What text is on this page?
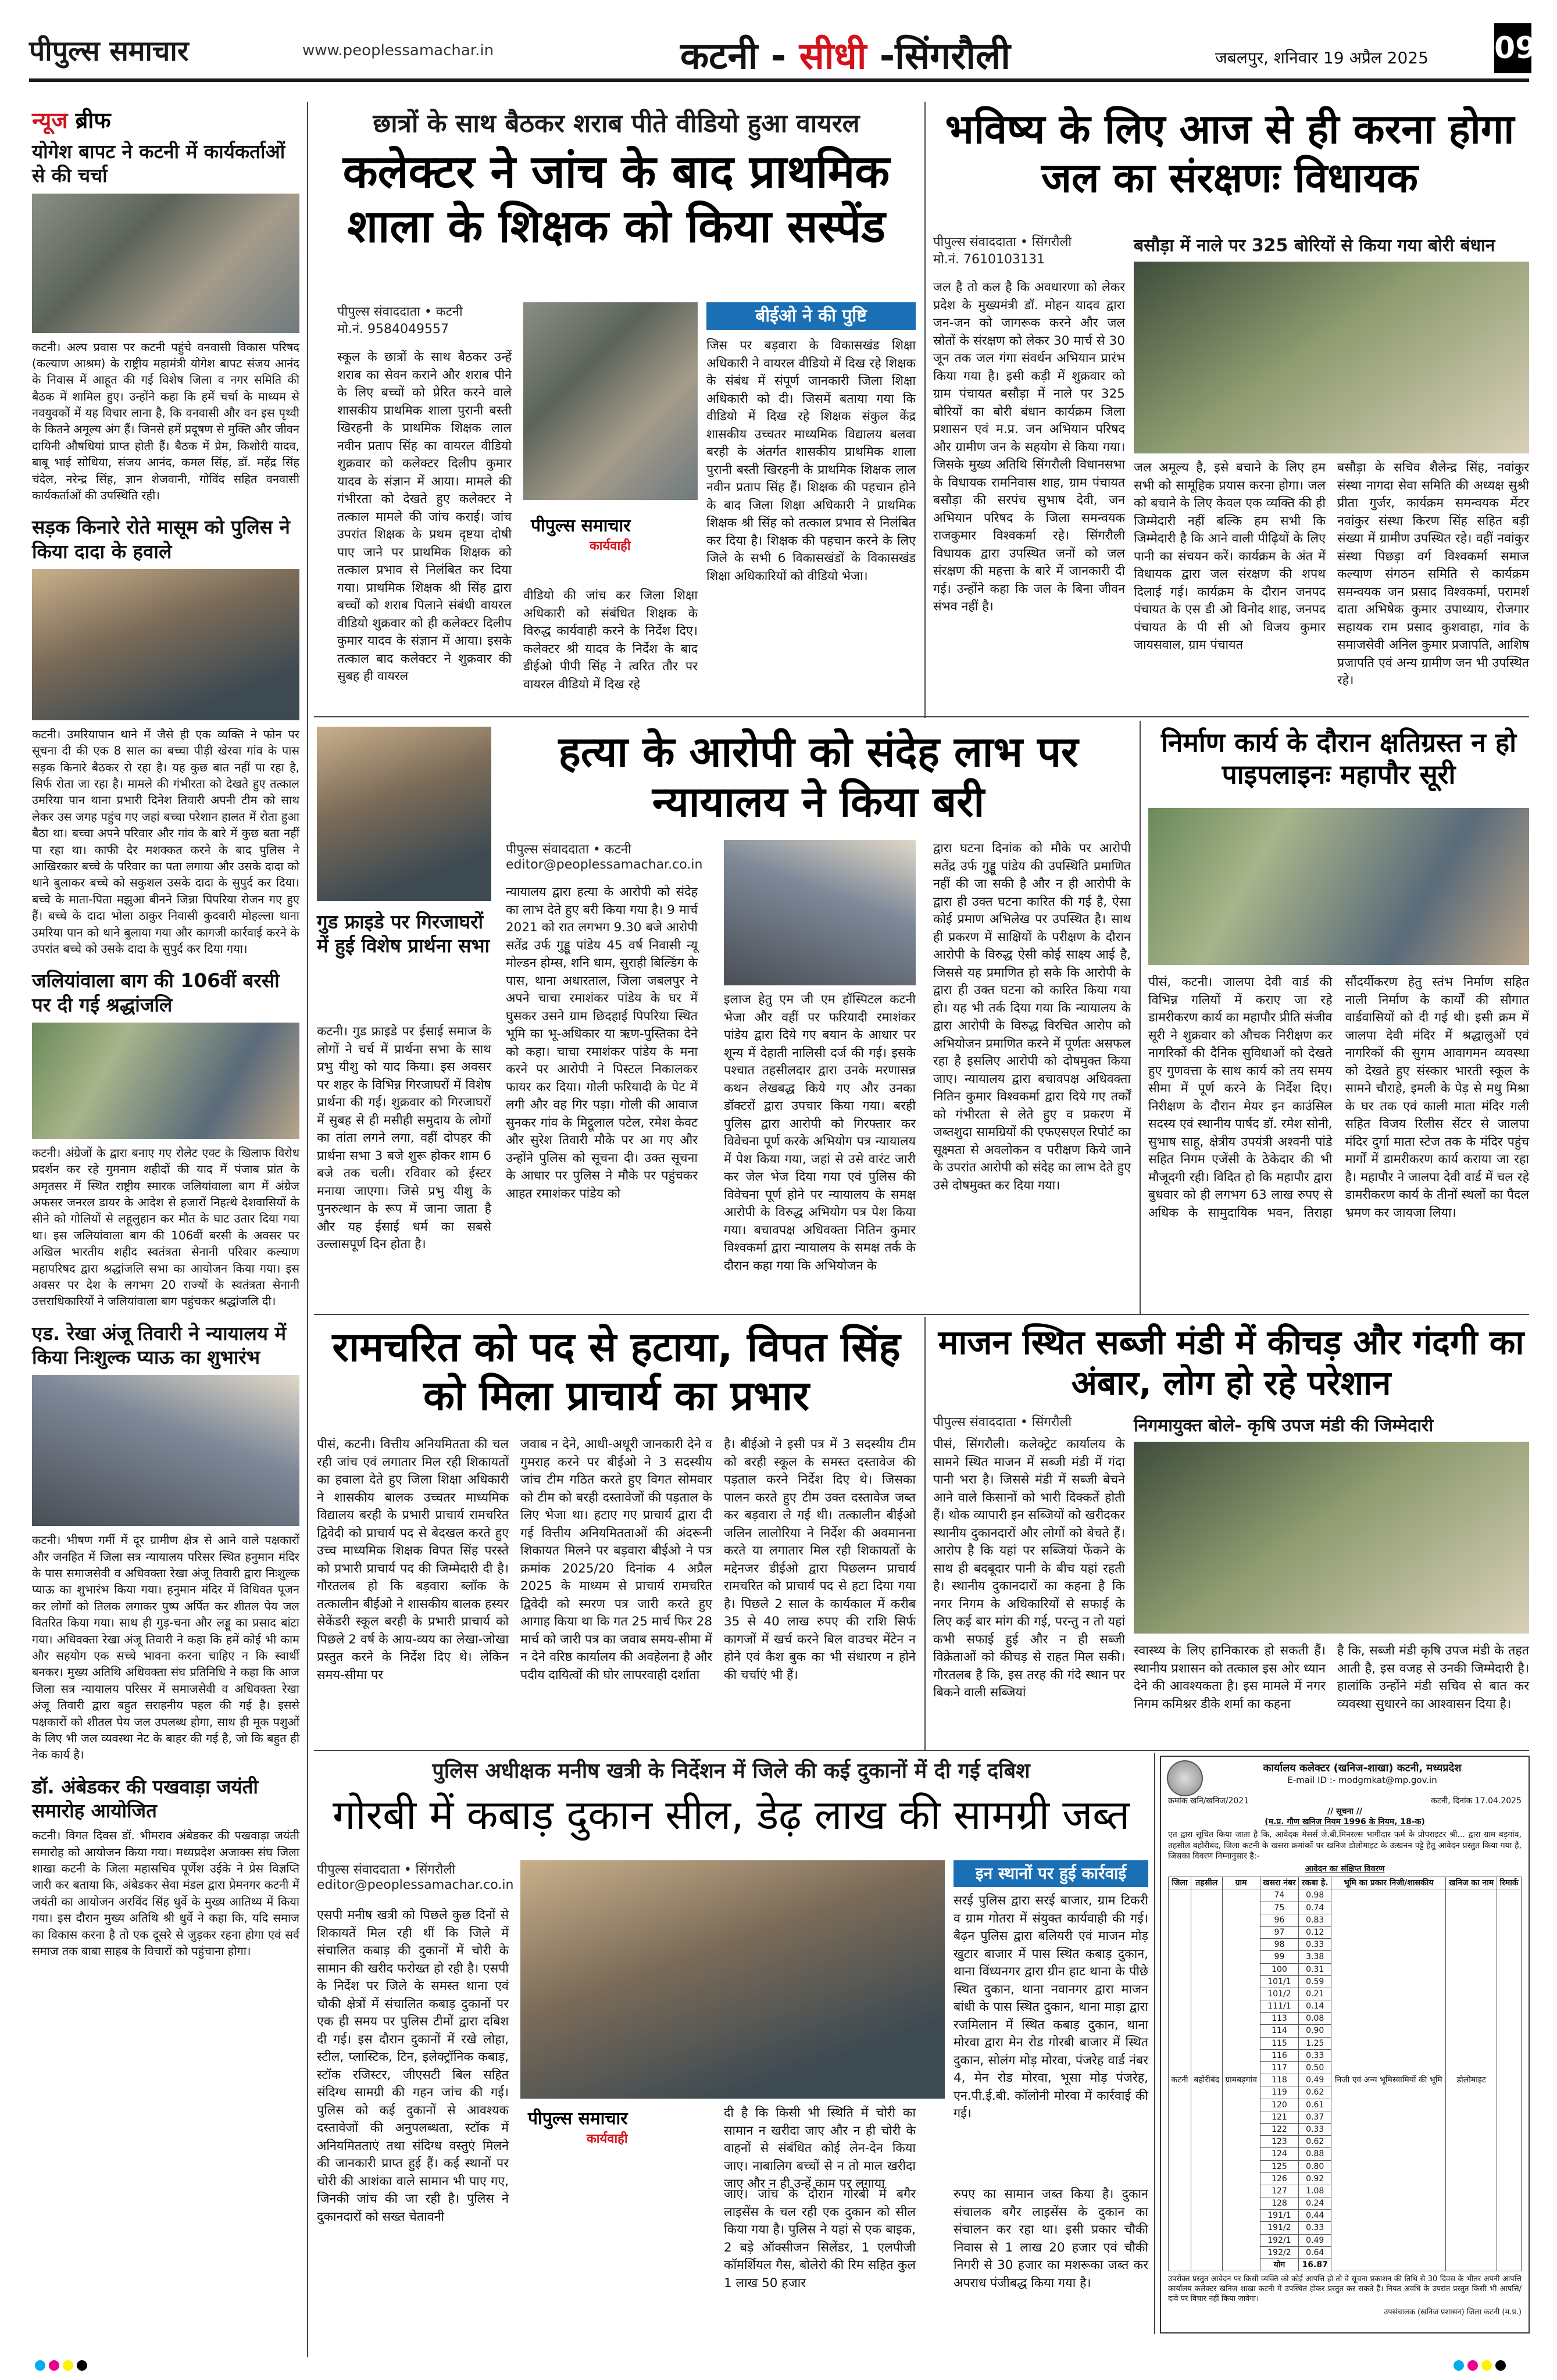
पीपुल्स समाचार	www.peoplessamachar.in	कटनी - सीधी -सिंगरौली	जबलपुर, शनिवार 19 अप्रैल 2025 09
न्यूज ब्रीफ
योगेश बापट ने कटनी में कार्यकर्ताओं से की चर्चा
कटनी। अल्प प्रवास पर कटनी पहुंचे वनवासी विकास परिषद (कल्याण आश्रम) के राष्ट्रीय महामंत्री योगेश बापट संजय आनंद के निवास में आहूत की गई विशेष जिला व नगर समिति की बैठक में शामिल हुए। उन्होंने कहा कि हमें चर्चा के माध्यम से नवयुवकों में यह विचार लाना है, कि वनवासी और वन इस पृथ्वी के कितने अमूल्य अंग हैं। जिनसे हमें प्रदूषण से मुक्ति और जीवन दायिनी औषधियां प्राप्त होती हैं। बैठक में प्रेम, किशोरी यादव, बाबू भाई सोधिया, संजय आनंद, कमल सिंह, डॉ. महेंद्र सिंह चंदेल, नरेन्द्र सिंह, ज्ञान शेजवानी, गोविंद सहित वनवासी कार्यकर्ताओं की उपस्थिति रही।
सड़क किनारे रोते मासूम को पुलिस ने किया दादा के हवाले
कटनी। उमरियापान थाने में जैसे ही एक व्यक्ति ने फोन पर सूचना दी की एक 8 साल का बच्चा पीड़ी खेरवा गांव के पास सड़क किनारे बैठकर रो रहा है। यह कुछ बात नहीं पा रहा है, सिर्फ रोता जा रहा है। मामले की गंभीरता को देखते हुए तत्काल उमरिया पान थाना प्रभारी दिनेश तिवारी अपनी टीम को साथ लेकर उस जगह पहुंच गए जहां बच्चा परेशान हालत में रोता हुआ बैठा था। बच्चा अपने परिवार और गांव के बारे में कुछ बता नहीं पा रहा था। काफी देर मशक्कत करने के बाद पुलिस ने आखिरकार बच्चे के परिवार का पता लगाया और उसके दादा को थाने बुलाकर बच्चे को सकुशल उसके दादा के सुपुर्द कर दिया। बच्चे के माता-पिता मझुआ बीनने जिन्ना पिपरिया रोजन गए हुए हैं। बच्चे के दादा भोला ठाकुर निवासी कुदवारी मोहल्ला थाना उमरिया पान को थाने बुलाया गया और कागजी कार्रवाई करने के उपरांत बच्चे को उसके दादा के सुपुर्द कर दिया गया।
जलियांवाला बाग की 106वीं बरसी पर दी गई श्रद्धांजलि
कटनी। अंग्रेजों के द्वारा बनाए गए रोलेट एक्ट के खिलाफ विरोध प्रदर्शन कर रहे गुमनाम शहीदों की याद में पंजाब प्रांत के अमृतसर में स्थित राष्ट्रीय स्मारक जलियांवाला बाग में अंग्रेज अफसर जनरल डायर के आदेश से हजारों निहत्थे देशवासियों के सीने को गोलियों से लहूलुहान कर मौत के घाट उतार दिया गया था। इस जलियांवाला बाग की 106वीं बरसी के अवसर पर अखिल भारतीय शहीद स्वतंत्रता सेनानी परिवार कल्याण महापरिषद द्वारा श्रद्धांजलि सभा का आयोजन किया गया। इस अवसर पर देश के लगभग 20 राज्यों के स्वतंत्रता सेनानी उत्तराधिकारियों ने जलियांवाला बाग पहुंचकर श्रद्धांजलि दी।
एड. रेखा अंजू तिवारी ने न्यायालय में किया निःशुल्क प्याऊ का शुभारंभ
कटनी। भीषण गर्मी में दूर ग्रामीण क्षेत्र से आने वाले पक्षकारों और जनहित में जिला सत्र न्यायालय परिसर स्थित हनुमान मंदिर के पास समाजसेवी व अधिवक्ता रेखा अंजू तिवारी द्वारा निःशुल्क प्याऊ का शुभारंभ किया गया। हनुमान मंदिर में विधिवत पूजन कर लोगों को तिलक लगाकर पुष्प अर्पित कर शीतल पेय जल वितरित किया गया। साथ ही गुड़-चना और लड्डू का प्रसाद बांटा गया। अधिवक्ता रेखा अंजू तिवारी ने कहा कि हमें कोई भी काम और सहयोग एक सच्चे भावना करना चाहिए न कि स्वार्थी बनकर। मुख्य अतिथि अधिवक्ता संघ प्रतिनिधि ने कहा कि आज जिला सत्र न्यायालय परिसर में समाजसेवी व अधिवक्ता रेखा अंजू तिवारी द्वारा बहुत सराहनीय पहल की गई है। इससे पक्षकारों को शीतल पेय जल उपलब्ध होगा, साथ ही मूक पशुओं के लिए भी जल व्यवस्था नेट के बाहर की गई है, जो कि बहुत ही नेक कार्य है।
डॉ. अंबेडकर की पखवाड़ा जयंती समारोह आयोजित
कटनी। विगत दिवस डॉ. भीमराव अंबेडकर की पखवाड़ा जयंती समारोह को आयोजन किया गया। मध्यप्रदेश अजाक्स संघ जिला शाखा कटनी के जिला महासचिव पूर्णेश उईके ने प्रेस विज्ञप्ति जारी कर बताया कि, अंबेडकर सेवा मंडल द्वारा प्रेमनगर कटनी में जयंती का आयोजन अरविंद सिंह धुर्वे के मुख्य आतिथ्य में किया गया। इस दौरान मुख्य अतिथि श्री धुर्वे ने कहा कि, यदि समाज का विकास करना है तो एक दूसरे से जुड़कर रहना होगा एवं सर्व समाज तक बाबा साहब के विचारों को पहुंचाना होगा।
छात्रों के साथ बैठकर शराब पीते वीडियो हुआ वायरल
कलेक्टर ने जांच के बाद प्राथमिक शाला के शिक्षक को किया सस्पेंड
पीपुल्स संवाददाता • कटनी
मो.नं. 9584049557
स्कूल के छात्रों के साथ बैठकर उन्हें शराब का सेवन कराने और शराब पीने के लिए बच्चों को प्रेरित करने वाले शासकीय प्राथमिक शाला पुरानी बस्ती खिरहनी के प्राथमिक शिक्षक लाल नवीन प्रताप सिंह का वायरल वीडियो शुक्रवार को कलेक्टर दिलीप कुमार यादव के संज्ञान में आया। मामले की गंभीरता को देखते हुए कलेक्टर ने तत्काल मामले की जांच कराई। जांच उपरांत शिक्षक के प्रथम दृष्टया दोषी पाए जाने पर प्राथमिक शिक्षक को तत्काल प्रभाव से निलंबित कर दिया गया। प्राथमिक शिक्षक श्री सिंह द्वारा बच्चों को शराब पिलाने संबंधी वायरल वीडियो शुक्रवार को ही कलेक्टर दिलीप कुमार यादव के संज्ञान में आया। इसके तत्काल बाद कलेक्टर ने शुक्रवार की सुबह ही वायरल
पीपुल्स समाचार
कार्यवाही
वीडियो की जांच कर जिला शिक्षा अधिकारी को संबंधित शिक्षक के विरुद्ध कार्यवाही करने के निर्देश दिए। कलेक्टर श्री यादव के निर्देश के बाद डीईओ पीपी सिंह ने त्वरित तौर पर वायरल वीडियो में दिख रहे
बीईओ ने की पुष्टि
जिस पर बड़वारा के विकासखंड शिक्षा अधिकारी ने वायरल वीडियो में दिख रहे शिक्षक के संबंध में संपूर्ण जानकारी जिला शिक्षा अधिकारी को दी। जिसमें बताया गया कि वीडियो में दिख रहे शिक्षक संकुल केंद्र शासकीय उच्चतर माध्यमिक विद्यालय बलवा बरही के अंतर्गत शासकीय प्राथमिक शाला पुरानी बस्ती खिरहनी के प्राथमिक शिक्षक लाल नवीन प्रताप सिंह हैं। शिक्षक की पहचान होने के बाद जिला शिक्षा अधिकारी ने प्राथमिक शिक्षक श्री सिंह को तत्काल प्रभाव से निलंबित कर दिया है। शिक्षक की पहचान करने के लिए जिले के सभी 6 विकासखंडों के विकासखंड शिक्षा अधिकारियों को वीडियो भेजा।
भविष्य के लिए आज से ही करना होगा जल का संरक्षणः विधायक
पीपुल्स संवाददाता • सिंगरौली
मो.नं. 7610103131
बसौड़ा में नाले पर 325 बोरियों से किया गया बोरी बंधान
जल है तो कल है कि अवधारणा को लेकर प्रदेश के मुख्यमंत्री डॉ. मोहन यादव द्वारा जन-जन को जागरूक करने और जल स्रोतों के संरक्षण को लेकर 30 मार्च से 30 जून तक जल गंगा संवर्धन अभियान प्रारंभ किया गया है। इसी कड़ी में शुक्रवार को ग्राम पंचायत बसौड़ा में नाले पर 325 बोरियों का बोरी बंधान कार्यक्रम जिला प्रशासन एवं म.प्र. जन अभियान परिषद और ग्रामीण जन के सहयोग से किया गया। जिसके मुख्य अतिथि सिंगरौली विधानसभा के विधायक रामनिवास शाह, ग्राम पंचायत बसौड़ा की सरपंच सुभाष देवी, जन अभियान परिषद के जिला समन्वयक राजकुमार विश्वकर्मा रहे। सिंगरौली विधायक द्वारा उपस्थित जनों को जल संरक्षण की महत्ता के बारे में जानकारी दी गई। उन्होंने कहा कि जल के बिना जीवन संभव नहीं है।
जल अमूल्य है, इसे बचाने के लिए हम सभी को सामूहिक प्रयास करना होगा। जल को बचाने के लिए केवल एक व्यक्ति की ही जिम्मेदारी नहीं बल्कि हम सभी कि जिम्मेदारी है कि आने वाली पीढ़ियों के लिए पानी का संचयन करें। कार्यक्रम के अंत में विधायक द्वारा जल संरक्षण की शपथ दिलाई गई। कार्यक्रम के दौरान जनपद पंचायत के एस डी ओ विनोद शाह, जनपद पंचायत के पी सी ओ विजय कुमार जायसवाल, ग्राम पंचायत
बसौड़ा के सचिव शैलेन्द्र सिंह, नवांकुर संस्था नागदा सेवा समिति की अध्यक्ष सुश्री प्रीता गुर्जर, कार्यक्रम समन्वयक मेंटर नवांकुर संस्था किरण सिंह सहित बड़ी संख्या में ग्रामीण उपस्थित रहे। वहीं नवांकुर संस्था पिछड़ा वर्ग विश्वकर्मा समाज कल्याण संगठन समिति से कार्यक्रम समन्वयक जन प्रसाद विश्वकर्मा, परामर्श दाता अभिषेक कुमार उपाध्याय, रोजगार सहायक राम प्रसाद कुशवाहा, गांव के समाजसेवी अनिल कुमार प्रजापति, आशिष प्रजापति एवं अन्य ग्रामीण जन भी उपस्थित रहे।
गुड फ्राइडे पर गिरजाघरों में हुई विशेष प्रार्थना सभा
कटनी। गुड फ्राइडे पर ईसाई समाज के लोगों ने चर्च में प्रार्थना सभा के साथ प्रभु यीशु को याद किया। इस अवसर पर शहर के विभिन्न गिरजाघरों में विशेष प्रार्थना की गई। शुक्रवार को गिरजाघरों में सुबह से ही मसीही समुदाय के लोगों का तांता लगने लगा, वहीं दोपहर की प्रार्थना सभा 3 बजे शुरू होकर शाम 6 बजे तक चली। रविवार को ईस्टर मनाया जाएगा। जिसे प्रभु यीशु के पुनरुत्थान के रूप में जाना जाता है और यह ईसाई धर्म का सबसे उल्लासपूर्ण दिन होता है।
हत्या के आरोपी को संदेह लाभ पर न्यायालय ने किया बरी
पीपुल्स संवाददाता • कटनी
editor@peoplessamachar.co.in
न्यायालय द्वारा हत्या के आरोपी को संदेह का लाभ देते हुए बरी किया गया है। 9 मार्च 2021 को रात लगभग 9.30 बजे आरोपी सतेंद्र उर्फ गुड्डू पांडेय 45 वर्ष निवासी न्यू मोल्डन होम्स, शनि धाम, सुराही बिल्डिंग के पास, थाना अधारताल, जिला जबलपुर ने अपने चाचा रमाशंकर पांडेय के घर में घुसकर उसने ग्राम छिदहाई पिपरिया स्थित भूमि का भू-अधिकार या ऋण-पुस्तिका देने को कहा। चाचा रमाशंकर पांडेय के मना करने पर आरोपी ने पिस्टल निकालकर फायर कर दिया। गोली फरियादी के पेट में लगी और वह गिर पड़ा। गोली की आवाज सुनकर गांव के मिट्ठूलाल पटेल, रमेश केवट और सुरेश तिवारी मौके पर आ गए और उन्होंने पुलिस को सूचना दी। उक्त सूचना के आधार पर पुलिस ने मौके पर पहुंचकर आहत रमाशंकर पांडेय को
इलाज हेतु एम जी एम हॉस्पिटल कटनी भेजा और वहीं पर फरियादी रमाशंकर पांडेय द्वारा दिये गए बयान के आधार पर शून्य में देहाती नालिसी दर्ज की गई। इसके पश्चात तहसीलदार द्वारा उनके मरणासन्न कथन लेखबद्ध किये गए और उनका डॉक्टरों द्वारा उपचार किया गया। बरही पुलिस द्वारा आरोपी को गिरफ्तार कर विवेचना पूर्ण करके अभियोग पत्र न्यायालय में पेश किया गया, जहां से उसे वारंट जारी कर जेल भेज दिया गया एवं पुलिस की विवेचना पूर्ण होने पर न्यायालय के समक्ष आरोपी के विरुद्ध अभियोग पत्र पेश किया गया। बचावपक्ष अधिवक्ता नितिन कुमार विश्वकर्मा द्वारा न्यायालय के समक्ष तर्क के दौरान कहा गया कि अभियोजन के
द्वारा घटना दिनांक को मौके पर आरोपी सतेंद्र उर्फ गुड्डू पांडेय की उपस्थिति प्रमाणित नहीं की जा सकी है और न ही आरोपी के द्वारा ही उक्त घटना कारित की गई है, ऐसा कोई प्रमाण अभिलेख पर उपस्थित है। साथ ही प्रकरण में साक्षियों के परीक्षण के दौरान आरोपी के विरुद्ध ऐसी कोई साक्ष्य आई है, जिससे यह प्रमाणित हो सके कि आरोपी के द्वारा ही उक्त घटना को कारित किया गया हो। यह भी तर्क दिया गया कि न्यायालय के द्वारा आरोपी के विरुद्ध विरचित आरोप को अभियोजन प्रमाणित करने में पूर्णतः असफल रहा है इसलिए आरोपी को दोषमुक्त किया जाए। न्यायालय द्वारा बचावपक्ष अधिवक्ता नितिन कुमार विश्वकर्मा द्वारा दिये गए तर्कों को गंभीरता से लेते हुए व प्रकरण में जब्तशुदा सामग्रियों की एफएसएल रिपोर्ट का सूक्ष्मता से अवलोकन व परीक्षण किये जाने के उपरांत आरोपी को संदेह का लाभ देते हुए उसे दोषमुक्त कर दिया गया।
निर्माण कार्य के दौरान क्षतिग्रस्त न हो पाइपलाइनः महापौर सूरी
पीसं, कटनी। जालपा देवी वार्ड की विभिन्न गलियों में कराए जा रहे डामरीकरण कार्य का महापौर प्रीति संजीव सूरी ने शुक्रवार को औचक निरीक्षण कर नागरिकों की दैनिक सुविधाओं को देखते हुए गुणवत्ता के साथ कार्य को तय समय सीमा में पूर्ण करने के निर्देश दिए। निरीक्षण के दौरान मेयर इन काउंसिल सदस्य एवं स्थानीय पार्षद डॉ. रमेश सोनी, सुभाष साहू, क्षेत्रीय उपयंत्री अश्वनी पांडे सहित निगम एजेंसी के ठेकेदार की भी मौजूदगी रही। विदित हो कि महापौर द्वारा बुधवार को ही लगभग 63 लाख रुपए से अधिक के सामुदायिक भवन, तिराहा सौंदर्यीकरण हेतु स्तंभ निर्माण सहित नाली निर्माण के कार्यों की सौगात वार्डवासियों को दी गई थी। इसी क्रम में जालपा देवी मंदिर में श्रद्धालुओं एवं नागरिकों की सुगम आवागमन व्यवस्था को देखते हुए संस्कार भारती स्कूल के सामने चौराहे, इमली के पेड़ से मधु मिश्रा के घर तक एवं काली माता मंदिर गली सहित विजय रिलीस सेंटर से जालपा मंदिर दुर्गा माता स्टेज तक के मंदिर पहुंच मार्गों में डामरीकरण कार्य कराया जा रहा है। महापौर ने जालपा देवी वार्ड में चल रहे डामरीकरण कार्य के तीनों स्थलों का पैदल भ्रमण कर जायजा लिया।
रामचरित को पद से हटाया, विपत सिंह को मिला प्राचार्य का प्रभार
पीसं, कटनी। वित्तीय अनियमितता की चल रही जांच एवं लगातार मिल रही शिकायतों का हवाला देते हुए जिला शिक्षा अधिकारी ने शासकीय बालक उच्चतर माध्यमिक विद्यालय बरही के प्रभारी प्राचार्य रामचरित द्विवेदी को प्राचार्य पद से बेदखल करते हुए उच्च माध्यमिक शिक्षक विपत सिंह परस्ते को प्रभारी प्राचार्य पद की जिम्मेदारी दी है। गौरतलब हो कि बड़वारा ब्लॉक के तत्कालीन बीईओ ने शासकीय बालक हस्यर सेकेंडरी स्कूल बरही के प्रभारी प्राचार्य को पिछले 2 वर्ष के आय-व्यय का लेखा-जोखा प्रस्तुत करने के निर्देश दिए थे। लेकिन समय-सीमा पर
जवाब न देने, आधी-अधूरी जानकारी देने व गुमराह करने पर बीईओ ने 3 सदस्यीय जांच टीम गठित करते हुए विगत सोमवार को टीम को बरही दस्तावेजों की पड़ताल के लिए भेजा था। हटाए गए प्राचार्य द्वारा दी गई वित्तीय अनियमितताओं की अंदरूनी शिकायत मिलने पर बड़वारा बीईओ ने पत्र क्रमांक 2025/20 दिनांक 4 अप्रैल 2025 के माध्यम से प्राचार्य रामचरित द्विवेदी को स्मरण पत्र जारी करते हुए आगाह किया था कि गत 25 मार्च फिर 28 मार्च को जारी पत्र का जवाब समय-सीमा में न देने वरिष्ठ कार्यालय की अवहेलना है और पदीय दायित्वों की घोर लापरवाही दर्शाता
है। बीईओ ने इसी पत्र में 3 सदस्यीय टीम को बरही स्कूल के समस्त दस्तावेज की पड़ताल करने निर्देश दिए थे। जिसका पालन करते हुए टीम उक्त दस्तावेज जब्त कर बड़वारा ले गई थी। तत्कालीन बीईओ जलिन लालोरिया ने निर्देश की अवमानना करते या लगातार मिल रही शिकायतों के मद्देनजर डीईओ द्वारा पिछलग्न प्राचार्य रामचरित को प्राचार्य पद से हटा दिया गया है। पिछले 2 साल के कार्यकाल में करीब 35 से 40 लाख रुपए की राशि सिर्फ कागजों में खर्च करने बिल वाउचर मेंटेन न होने एवं कैश बुक का भी संधारण न होने की चर्चाएं भी हैं।
माजन स्थित सब्जी मंडी में कीचड़ और गंदगी का अंबार, लोग हो रहे परेशान
पीपुल्स संवाददाता • सिंगरौली	निगमायुक्त बोले- कृषि उपज मंडी की जिम्मेदारी
पीसं, सिंगरौली। कलेक्ट्रेट कार्यालय के सामने स्थित माजन में सब्जी मंडी में गंदा पानी भरा है। जिससे मंडी में सब्जी बेचने आने वाले किसानों को भारी दिक्कतें होती हैं। थोक व्यापारी इन सब्जियों को खरीदकर स्थानीय दुकानदारों और लोगों को बेचते हैं। आरोप है कि यहां पर सब्जियां फेंकने के साथ ही बदबूदार पानी के बीच यहां रहती है। स्थानीय दुकानदारों का कहना है कि नगर निगम के अधिकारियों से सफाई के लिए कई बार मांग की गई, परन्तु न तो यहां कभी सफाई हुई और न ही सब्जी विक्रेताओं को कीचड़ से राहत मिल सकी। गौरतलब है कि, इस तरह की गंदे स्थान पर बिकने वाली सब्जियां
स्वास्थ्य के लिए हानिकारक हो सकती हैं। स्थानीय प्रशासन को तत्काल इस ओर ध्यान देने की आवश्यकता है। इस मामले में नगर निगम कमिश्नर डीके शर्मा का कहना
है कि, सब्जी मंडी कृषि उपज मंडी के तहत आती है, इस वजह से उनकी जिम्मेदारी है। हालांकि उन्होंने मंडी सचिव से बात कर व्यवस्था सुधारने का आश्वासन दिया है।
पुलिस अधीक्षक मनीष खत्री के निर्देशन में जिले की कई दुकानों में दी गई दबिश
गोरबी में कबाड़ दुकान सील, डेढ़ लाख की सामग्री जब्त
पीपुल्स संवाददाता • सिंगरौली
editor@peoplessamachar.co.in
एसपी मनीष खत्री को पिछले कुछ दिनों से शिकायतें मिल रही थीं कि जिले में संचालित कबाड़ की दुकानों में चोरी के सामान की खरीद फरोख्त हो रही है। एसपी के निर्देश पर जिले के समस्त थाना एवं चौकी क्षेत्रों में संचालित कबाड़ दुकानों पर एक ही समय पर पुलिस टीमों द्वारा दबिश दी गई। इस दौरान दुकानों में रखे लोहा, स्टील, प्लास्टिक, टिन, इलेक्ट्रॉनिक कबाड़, स्टॉक रजिस्टर, जीएसटी बिल सहित संदिग्ध सामग्री की गहन जांच की गई। पुलिस को कई दुकानों से आवश्यक दस्तावेजों की अनुपलब्धता, स्टॉक में अनियमितताएं तथा संदिग्ध वस्तुएं मिलने की जानकारी प्राप्त हुई हैं। कई स्थानों पर चोरी की आशंका वाले सामान भी पाए गए, जिनकी जांच की जा रही है। पुलिस ने दुकानदारों को सख्त चेतावनी
पीपुल्स समाचार
कार्यवाही
दी है कि किसी भी स्थिति में चोरी का सामान न खरीदा जाए और न ही चोरी के वाहनों से संबंधित कोई लेन-देन किया जाए। नाबालिग बच्चों से न तो माल खरीदा जाए और न ही उन्हें काम पर लगाया
इन स्थानों पर हुई कार्रवाई
सरई पुलिस द्वारा सरई बाजार, ग्राम टिकरी व ग्राम गोतरा में संयुक्त कार्यवाही की गई। बैढ़न पुलिस द्वारा बलियरी एवं माजन मोड़ खुटार बाजार में पास स्थित कबाड़ दुकान, थाना विंध्यनगर द्वारा ग्रीन हाट थाना के पीछे स्थित दुकान, थाना नवानगर द्वारा माजन बांधी के पास स्थित दुकान, थाना माड़ा द्वारा रजमिलान में स्थित कबाड़ दुकान, थाना मोरवा द्वारा मेन रोड गोरबी बाजार में स्थित दुकान, सोलंग मोड़ मोरवा, पंजरेह वार्ड नंबर 4, मेन रोड मोरवा, भूसा मोड़ पंजरेह, एन.पी.ई.बी. कॉलोनी मोरवा में कार्रवाई की गई।
जाए। जांच के दौरान गोरबी में बगैर लाइसेंस के चल रही एक दुकान को सील किया गया है। पुलिस ने यहां से एक बाइक, 2 बड़े ऑक्सीजन सिलेंडर, 1 एलपीजी कॉमर्शियल गैस, बोलेरो की रिम सहित कुल 1 लाख 50 हजार
रुपए का सामान जब्त किया है। दुकान संचालक बगैर लाइसेंस के दुकान का संचालन कर रहा था। इसी प्रकार चौकी निवास से 1 लाख 20 हजार एवं चौकी निगरी से 30 हजार का मशरूका जब्त कर अपराध पंजीबद्ध किया गया है।
कार्यालय कलेक्टर (खनिज-शाखा) कटनी, मध्यप्रदेश
E-mail ID :- modgmkat@mp.gov.in
क्रमांक खनि/खनिज/2021	कटनी, दिनांक 17.04.2025
// सूचना //
(म.प्र. गौण खनिज नियम 1996 के नियम, 18-क)
एत द्वारा सूचित किया जाता है कि, आवेदक मेसर्स जे.बी.मिनरल्स भागीदार फर्म के प्रोपराइटर श्री... द्वारा ग्राम बड़गांव, तहसील बहोरीबंद, जिला कटनी के खसरा क्रमांकों पर खनिज डोलोमाइट के उत्खनन पट्टे हेतु आवेदन प्रस्तुत किया गया है, जिसका विवरण निम्नानुसार है:-
आवेदन का संक्षिप्त विवरण
जिला	तहसील	ग्राम	खसरा नंबर	रकबा हे.	भूमि का प्रकार निजी/शासकीय	खनिज का नाम	रिमार्क
कटनी	बहोरीबंद	ग्रामबड़गांव	74	0.98	निजी एवं अन्य भूमिस्वामियों की भूमि	डोलोमाइट	
			75	0.74			
			96	0.83			
			97	0.12			
			98	0.33			
			99	3.38			
			100	0.31			
			101/1	0.59			
			101/2	0.21			
			111/1	0.14			
			113	0.08			
			114	0.90			
			115	1.25			
			116	0.33			
			117	0.50			
			118	0.49			
			119	0.62			
			120	0.61			
			121	0.37			
			122	0.33			
			123	0.62			
			124	0.88			
			125	0.80			
			126	0.92			
			127	1.08			
			128	0.24			
			191/1	0.44			
			191/2	0.33			
			192/1	0.49			
			192/2	0.64			
			योग	16.87			
उपरोक्त प्रस्तुत आवेदन पर किसी व्यक्ति को कोई आपत्ति हो तो वे सूचना प्रकाशन की तिथि से 30 दिवस के भीतर अपनी आपत्ति कार्यालय कलेक्टर खनिज शाखा कटनी में उपस्थित होकर प्रस्तुत कर सकते हैं। नियत अवधि के उपरांत प्रस्तुत किसी भी आपत्ति/दावे पर विचार नहीं किया जावेगा।
उपसंचालक (खनिज प्रशासन) जिला कटनी (म.प्र.)
